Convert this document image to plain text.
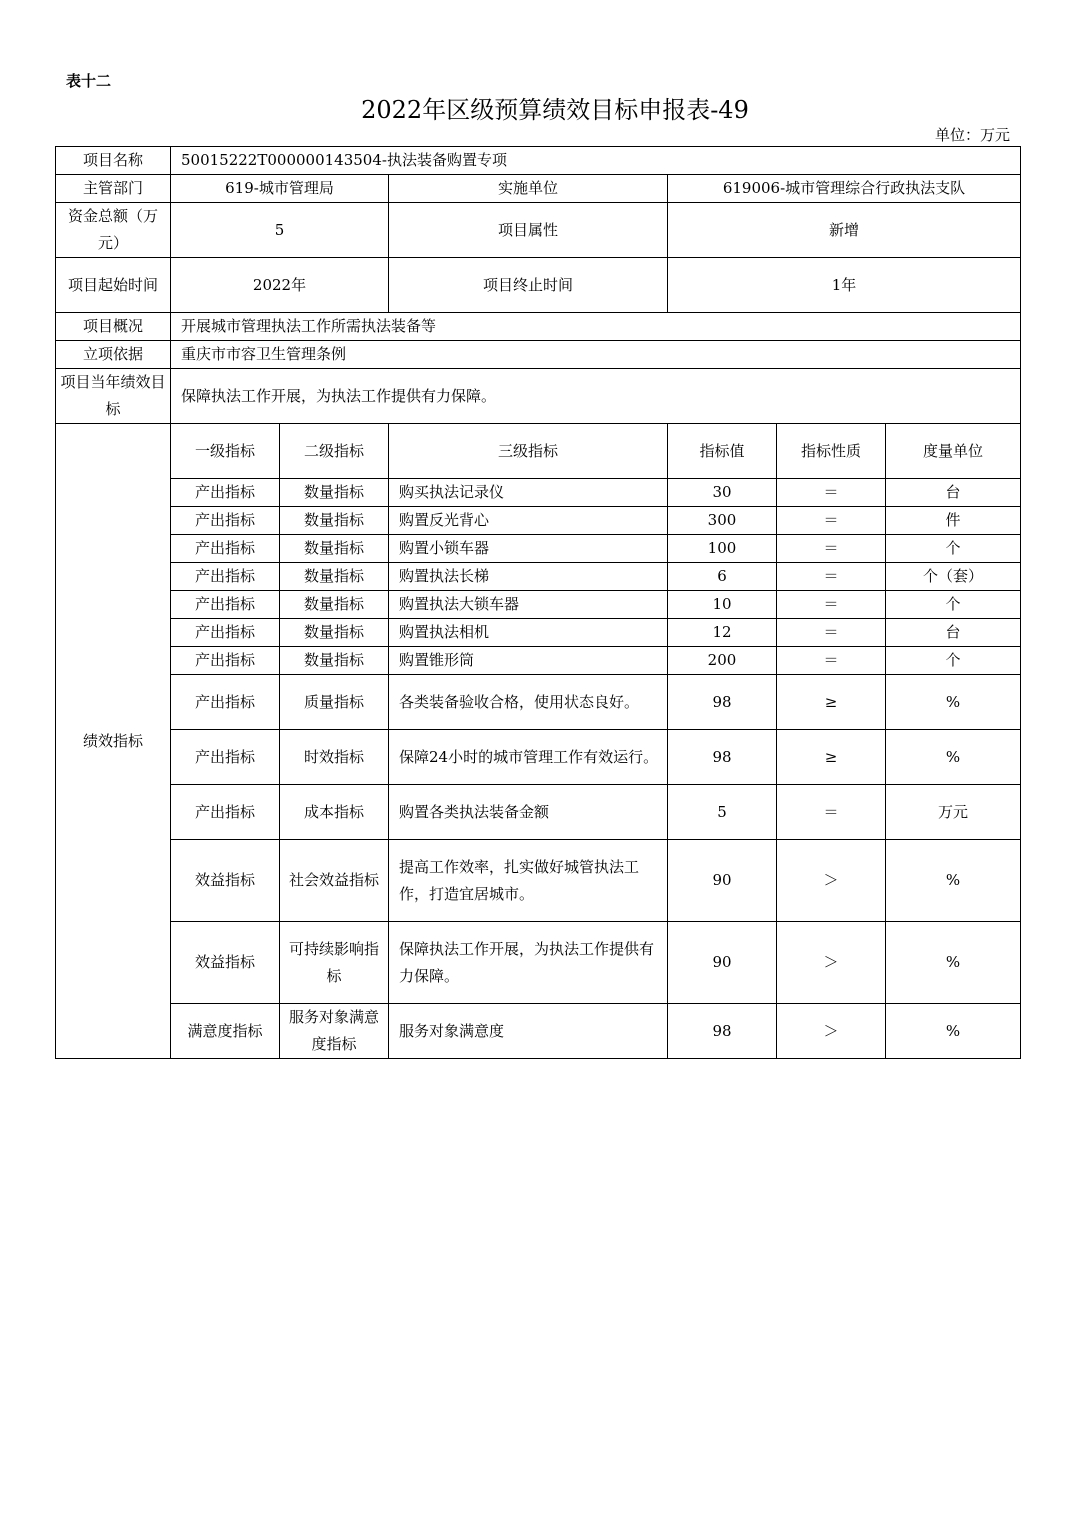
表十二
2022年区级预算绩效目标申报表-49
单位：万元
项目名称	50015222T000000143504-执法装备购置专项						
主管部门	619-城市管理局		实施单位	619006-城市管理综合行政执法支队			
资金总额（万元）	5		项目属性	新增			
项目起始时间	2022年		项目终止时间	1年			
项目概况	开展城市管理执法工作所需执法装备等						
立项依据	重庆市市容卫生管理条例						
项目当年绩效目标	保障执法工作开展，为执法工作提供有力保障。						
绩效指标	一级指标	二级指标	三级指标	指标值	指标性质	度量单位	
	产出指标	数量指标	购买执法记录仪	30	＝	台	
	产出指标	数量指标	购置反光背心	300	＝	件	
	产出指标	数量指标	购置小锁车器	100	＝	个	
	产出指标	数量指标	购置执法长梯	6	＝	个（套）	
	产出指标	数量指标	购置执法大锁车器	10	＝	个	
	产出指标	数量指标	购置执法相机	12	＝	台	
	产出指标	数量指标	购置锥形筒	200	＝	个	
	产出指标	质量指标	各类装备验收合格，使用状态良好。	98	≥	%	
	产出指标	时效指标	保障24小时的城市管理工作有效运行。	98	≥	%	
	产出指标	成本指标	购置各类执法装备金额	5	＝	万元	
	效益指标	社会效益指标	提高工作效率，扎实做好城管执法工作，打造宜居城市。	90	＞	%	
	效益指标	可持续影响指标	保障执法工作开展，为执法工作提供有力保障。	90	＞	%	
	满意度指标	服务对象满意度指标	服务对象满意度	98	＞	%	
